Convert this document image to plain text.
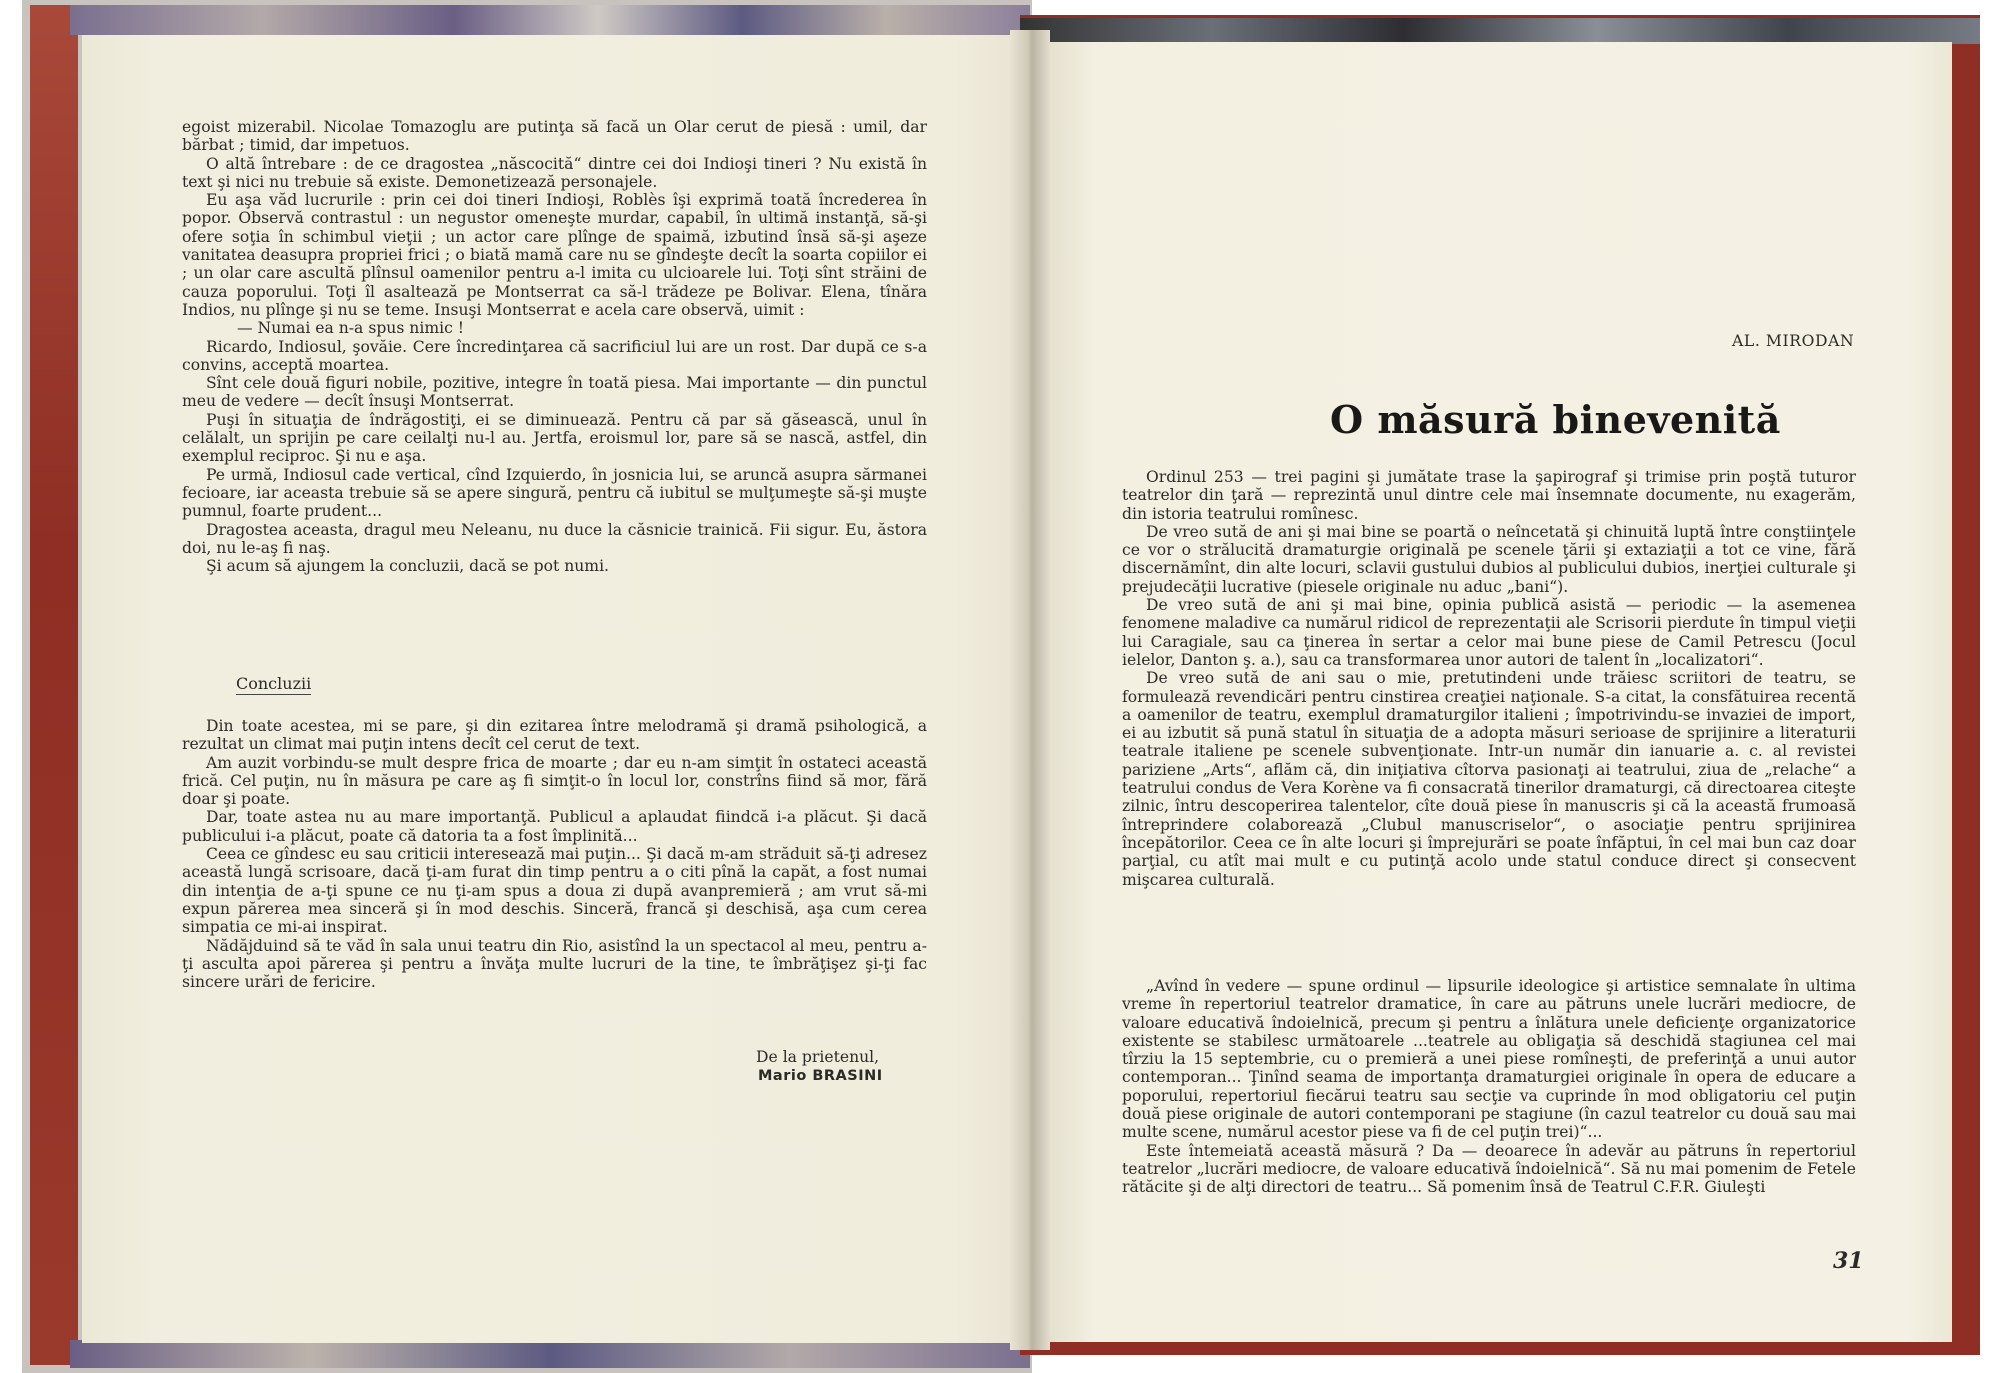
egoist mizerabil. Nicolae Tomazoglu are putinţa să facă un Olar cerut de piesă : umil, dar bărbat ; timid, dar impetuos.

O altă întrebare : de ce dragostea „născocită“ dintre cei doi Indioşi tineri ? Nu există în text şi nici nu trebuie să existe. Demonetizează personajele.

Eu aşa văd lucrurile : prin cei doi tineri Indioşi, Roblès îşi exprimă toată încrederea în popor. Observă contrastul : un negustor omeneşte murdar, capabil, în ultimă instanţă, să-şi ofere soţia în schimbul vieţii ; un actor care plînge de spaimă, izbutind însă să-şi aşeze vanitatea deasupra propriei frici ; o biată mamă care nu se gîndeşte decît la soarta copiilor ei ; un olar care ascultă plînsul oamenilor pentru a-l imita cu ulcioarele lui. Toţi sînt străini de cauza poporului. Toţi îl asaltează pe Montserrat ca să-l trădeze pe Bolivar. Elena, tînăra Indios, nu plînge şi nu se teme. Insuşi Montserrat e acela care observă, uimit :

— Numai ea n-a spus nimic !

Ricardo, Indiosul, şovăie. Cere încredinţarea că sacrificiul lui are un rost. Dar după ce s-a convins, acceptă moartea.

Sînt cele două figuri nobile, pozitive, integre în toată piesa. Mai importante — din punctul meu de vedere — decît însuşi Montserrat.

Puşi în situaţia de îndrăgostiţi, ei se diminuează. Pentru că par să găsească, unul în celălalt, un sprijin pe care ceilalţi nu-l au. Jertfa, eroismul lor, pare să se nască, astfel, din exemplul reciproc. Şi nu e aşa.

Pe urmă, Indiosul cade vertical, cînd Izquierdo, în josnicia lui, se aruncă asupra sărmanei fecioare, iar aceasta trebuie să se apere singură, pentru că iubitul se mulţumeşte să-şi muşte pumnul, foarte prudent...

Dragostea aceasta, dragul meu Neleanu, nu duce la căsnicie trainică. Fii sigur. Eu, ăstora doi, nu le-aş fi naş.

Şi acum să ajungem la concluzii, dacă se pot numi.

Concluzii

Din toate acestea, mi se pare, şi din ezitarea între melodramă şi dramă psihologică, a rezultat un climat mai puţin intens decît cel cerut de text.

Am auzit vorbindu-se mult despre frica de moarte ; dar eu n-am simţit în ostateci această frică. Cel puţin, nu în măsura pe care aş fi simţit-o în locul lor, constrîns fiind să mor, fără doar şi poate.

Dar, toate astea nu au mare importanţă. Publicul a aplaudat fiindcă i-a plăcut. Şi dacă publicului i-a plăcut, poate că datoria ta a fost împlinită...

Ceea ce gîndesc eu sau criticii interesează mai puţin... Şi dacă m-am străduit să-ţi adresez această lungă scrisoare, dacă ţi-am furat din timp pentru a o citi pînă la capăt, a fost numai din intenţia de a-ţi spune ce nu ţi-am spus a doua zi după avanpremieră ; am vrut să-mi expun părerea mea sinceră şi în mod deschis. Sinceră, francă şi deschisă, aşa cum cerea simpatia ce mi-ai inspirat.

Nădăjduind să te văd în sala unui teatru din Rio, asistînd la un spectacol al meu, pentru a-ţi asculta apoi părerea şi pentru a învăţa multe lucruri de la tine, te îmbrăţişez şi-ţi fac sincere urări de fericire.

De la prietenul,
Mario BRASINI
AL. MIRODAN
O măsură binevenită

Ordinul 253 — trei pagini şi jumătate trase la şapirograf şi trimise prin poştă tuturor teatrelor din ţară — reprezintă unul dintre cele mai însemnate documente, nu exagerăm, din istoria teatrului romînesc.

De vreo sută de ani şi mai bine se poartă o neîncetată şi chinuită luptă între conştiinţele ce vor o strălucită dramaturgie originală pe scenele ţării şi extaziaţii a tot ce vine, fără discernămînt, din alte locuri, sclavii gustului dubios al publicului dubios, inerţiei culturale şi prejudecăţii lucrative (piesele originale nu aduc „bani“).

De vreo sută de ani şi mai bine, opinia publică asistă — periodic — la asemenea fenomene maladive ca numărul ridicol de reprezentaţii ale Scrisorii pierdute în timpul vieţii lui Caragiale, sau ca ţinerea în sertar a celor mai bune piese de Camil Petrescu (Jocul ielelor, Danton ş. a.), sau ca transformarea unor autori de talent în „localizatori“.

De vreo sută de ani sau o mie, pretutindeni unde trăiesc scriitori de teatru, se formulează revendicări pentru cinstirea creaţiei naţionale. S-a citat, la consfătuirea recentă a oamenilor de teatru, exemplul dramaturgilor italieni ; împotrivindu-se invaziei de import, ei au izbutit să pună statul în situaţia de a adopta măsuri serioase de sprijinire a literaturii teatrale italiene pe scenele subvenţionate. Intr-un număr din ianuarie a. c. al revistei pariziene „Arts“, aflăm că, din iniţiativa cîtorva pasionaţi ai teatrului, ziua de „relache“ a teatrului condus de Vera Korène va fi consacrată tinerilor dramaturgi, că directoarea citeşte zilnic, întru descoperirea talentelor, cîte două piese în manuscris şi că la această frumoasă întreprindere colaborează „Clubul manuscriselor“, o asociaţie pentru sprijinirea începătorilor. Ceea ce în alte locuri şi împrejurări se poate înfăptui, în cel mai bun caz doar parţial, cu atît mai mult e cu putinţă acolo unde statul conduce direct şi consecvent mişcarea culturală.

„Avînd în vedere — spune ordinul — lipsurile ideologice şi artistice semnalate în ultima vreme în repertoriul teatrelor dramatice, în care au pătruns unele lucrări mediocre, de valoare educativă îndoielnică, precum şi pentru a înlătura unele deficienţe organizatorice existente se stabilesc următoarele ...teatrele au obligaţia să deschidă stagiunea cel mai tîrziu la 15 septembrie, cu o premieră a unei piese romîneşti, de preferinţă a unui autor contemporan... Ţinînd seama de importanţa dramaturgiei originale în opera de educare a poporului, repertoriul fiecărui teatru sau secţie va cuprinde în mod obligatoriu cel puţin două piese originale de autori contemporani pe stagiune (în cazul teatrelor cu două sau mai multe scene, numărul acestor piese va fi de cel puţin trei)“...

Este întemeiată această măsură ? Da — deoarece în adevăr au pătruns în repertoriul teatrelor „lucrări mediocre, de valoare educativă îndoielnică“. Să nu mai pomenim de Fetele rătăcite şi de alţi directori de teatru... Să pomenim însă de Teatrul C.F.R. Giuleşti

31
